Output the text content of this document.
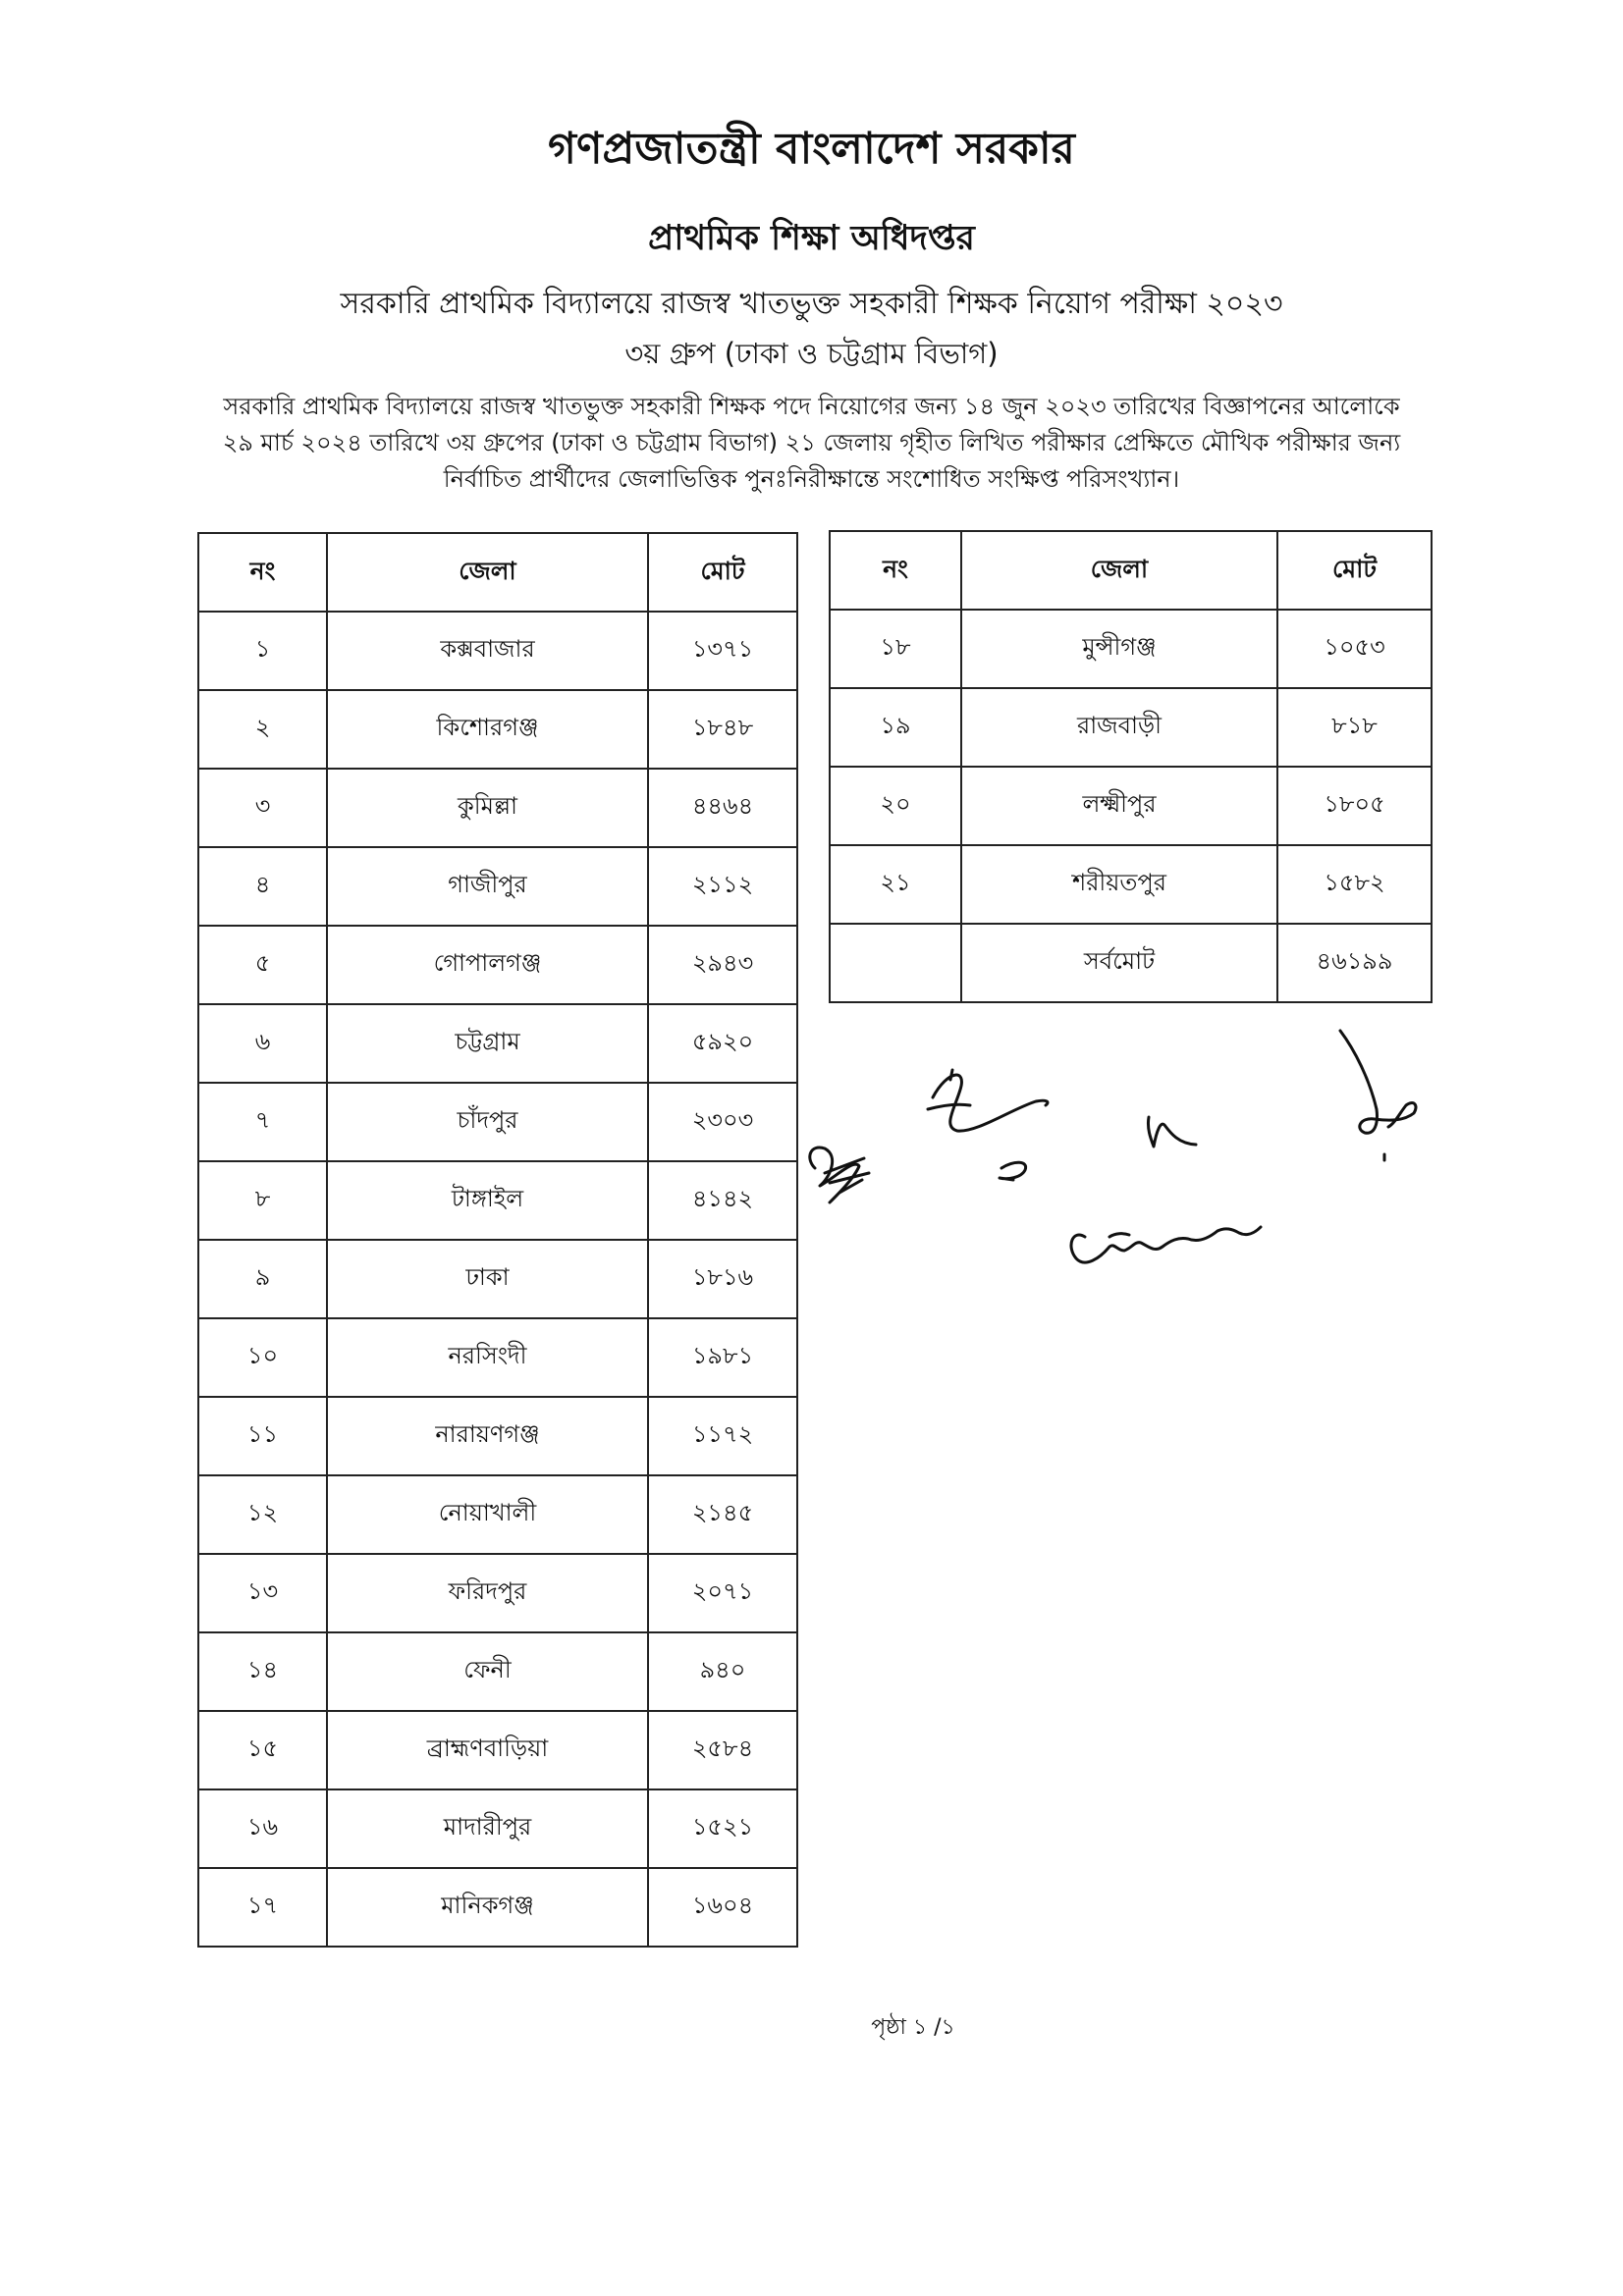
গণপ্রজাতন্ত্রী বাংলাদেশ সরকার
প্রাথমিক শিক্ষা অধিদপ্তর
সরকারি প্রাথমিক বিদ্যালয়ে রাজস্ব খাতভুক্ত সহকারী শিক্ষক নিয়োগ পরীক্ষা ২০২৩
৩য় গ্রুপ (ঢাকা ও চট্টগ্রাম বিভাগ)
সরকারি প্রাথমিক বিদ্যালয়ে রাজস্ব খাতভুক্ত সহকারী শিক্ষক পদে নিয়োগের জন্য ১৪ জুন ২০২৩ তারিখের বিজ্ঞাপনের আলোকে
২৯ মার্চ ২০২৪ তারিখে ৩য় গ্রুপের (ঢাকা ও চট্টগ্রাম বিভাগ) ২১ জেলায় গৃহীত লিখিত পরীক্ষার প্রেক্ষিতে মৌখিক পরীক্ষার জন্য
নির্বাচিত প্রার্থীদের জেলাভিত্তিক পুনঃনিরীক্ষান্তে সংশোধিত সংক্ষিপ্ত পরিসংখ্যান।
নং	জেলা	মোট
১	কক্সবাজার	১৩৭১
২	কিশোরগঞ্জ	১৮৪৮
৩	কুমিল্লা	৪৪৬৪
৪	গাজীপুর	২১১২
৫	গোপালগঞ্জ	২৯৪৩
৬	চট্টগ্রাম	৫৯২০
৭	চাঁদপুর	২৩০৩
৮	টাঙ্গাইল	৪১৪২
৯	ঢাকা	১৮১৬
১০	নরসিংদী	১৯৮১
১১	নারায়ণগঞ্জ	১১৭২
১২	নোয়াখালী	২১৪৫
১৩	ফরিদপুর	২০৭১
১৪	ফেনী	৯৪০
১৫	ব্রাহ্মণবাড়িয়া	২৫৮৪
১৬	মাদারীপুর	১৫২১
১৭	মানিকগঞ্জ	১৬০৪
নং	জেলা	মোট
১৮	মুন্সীগঞ্জ	১০৫৩
১৯	রাজবাড়ী	৮১৮
২০	লক্ষ্মীপুর	১৮০৫
২১	শরীয়তপুর	১৫৮২
	সর্বমোট	৪৬১৯৯
পৃষ্ঠা ১ /১
